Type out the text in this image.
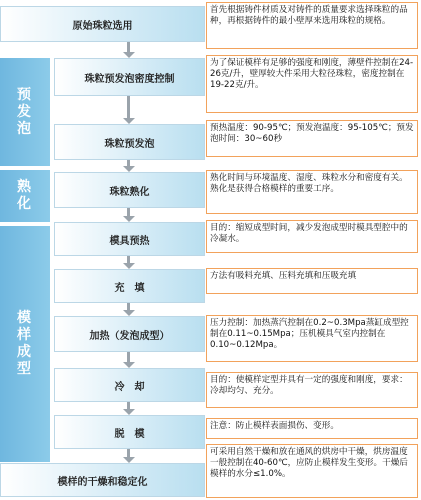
预
发
泡
熟
化
模
样
成
型
原始珠粒选用
珠粒预发泡密度控制
珠粒预发泡
珠粒熟化
模具预热
充　填
加热（发泡成型）
冷　却
脱　模
模样的干燥和稳定化
首先根据铸件材质及对铸件的质量要求选择珠粒的品种，再根据铸件的最小壁厚来选用珠粒的规格。
为了保证模样有足够的强度和刚度，薄壁件控制在24-26克/升，壁厚较大件采用大粒径珠粒，密度控制在19-22克/升。
预热温度：90-95℃；预发泡温度：95-105℃；预发泡时间：30~60秒
熟化时间与环境温度、湿度、珠粒水分和密度有关。熟化是获得合格模样的重要工序。
目的：缩短成型时间，减少发泡成型时模具型腔中的冷凝水。
方法有吸料充填、压料充填和压吸充填
压力控制：加热蒸汽控制在0.2~0.3Mpa蒸缸成型控制在0.11~0.15Mpa；压机模具气室内控制在0.10~0.12Mpa。
目的：使模样定型并具有一定的强度和刚度，要求：冷却均匀、充分。
注意：防止模样表面损伤、变形。
可采用自然干燥和放在通风的烘房中干燥，烘房温度一般控制在40-60℃，应防止模样发生变形。干燥后模样的水分≤1.0%。
